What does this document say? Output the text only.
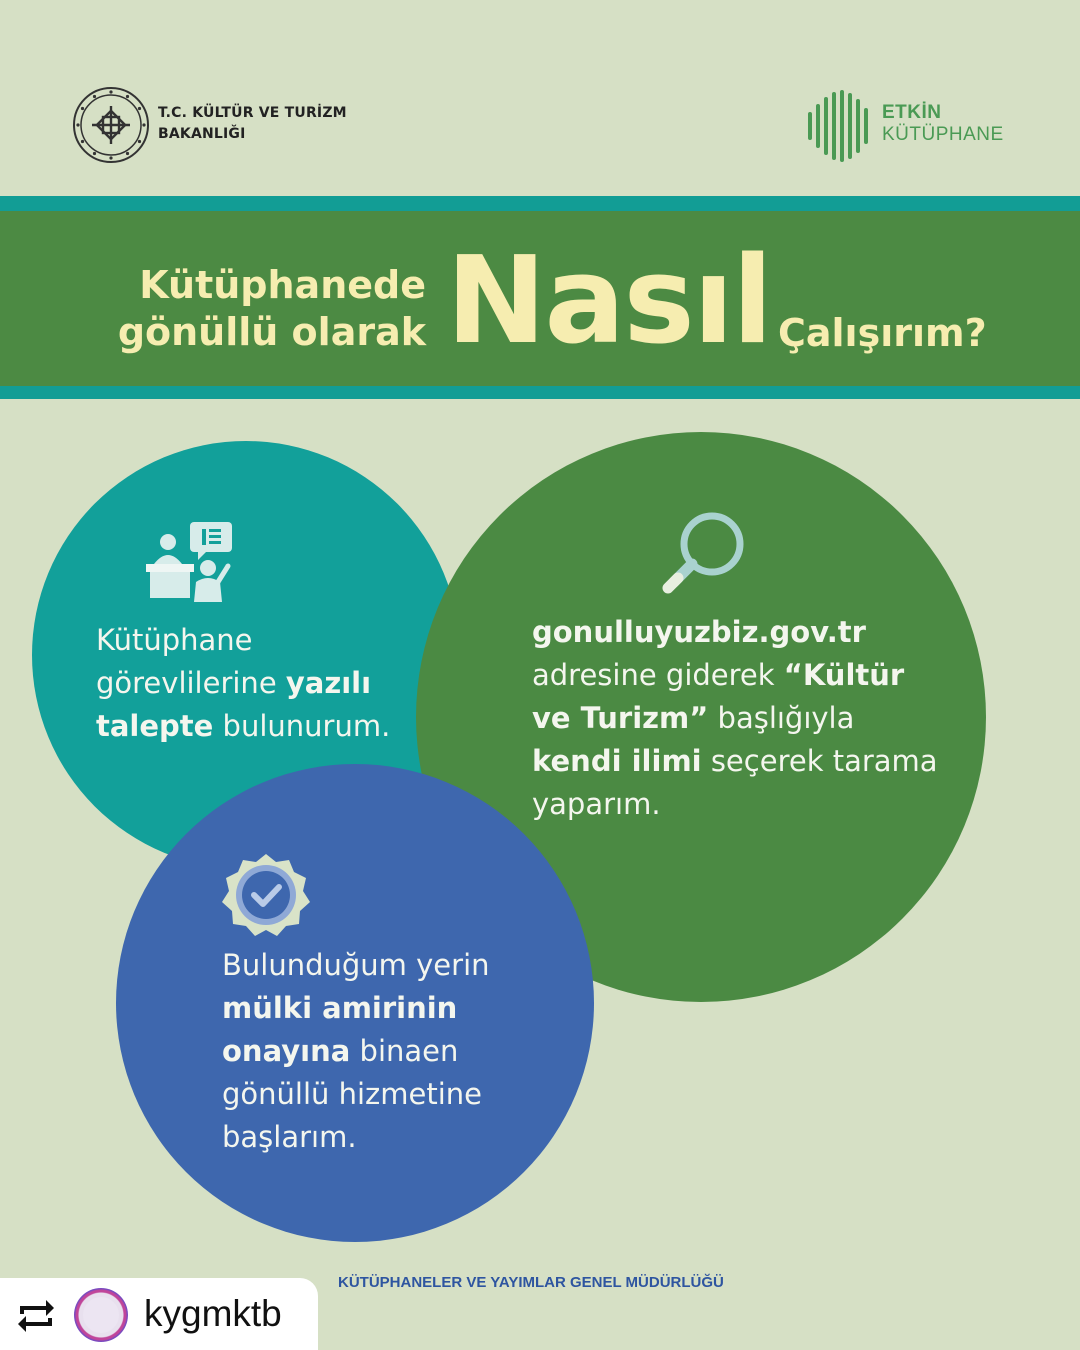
T.C. KÜLTÜR VE TURİZM
BAKANLIĞI
ETKİN
KÜTÜPHANE
Kütüphanede
gönüllü olarak Nasıl Çalışırım?
Kütüphane
görevlilerine yazılı
talepte bulunurum.
gonulluyuzbiz.gov.tr
adresine giderek “Kültür
ve Turizm” başlığıyla
kendi ilimi seçerek tarama
yaparım.
Bulunduğum yerin
mülki amirinin
onayına binaen
gönüllü hizmetine
başlarım.
KÜTÜPHANELER VE YAYIMLAR GENEL MÜDÜRLÜĞÜ
kygmktb
